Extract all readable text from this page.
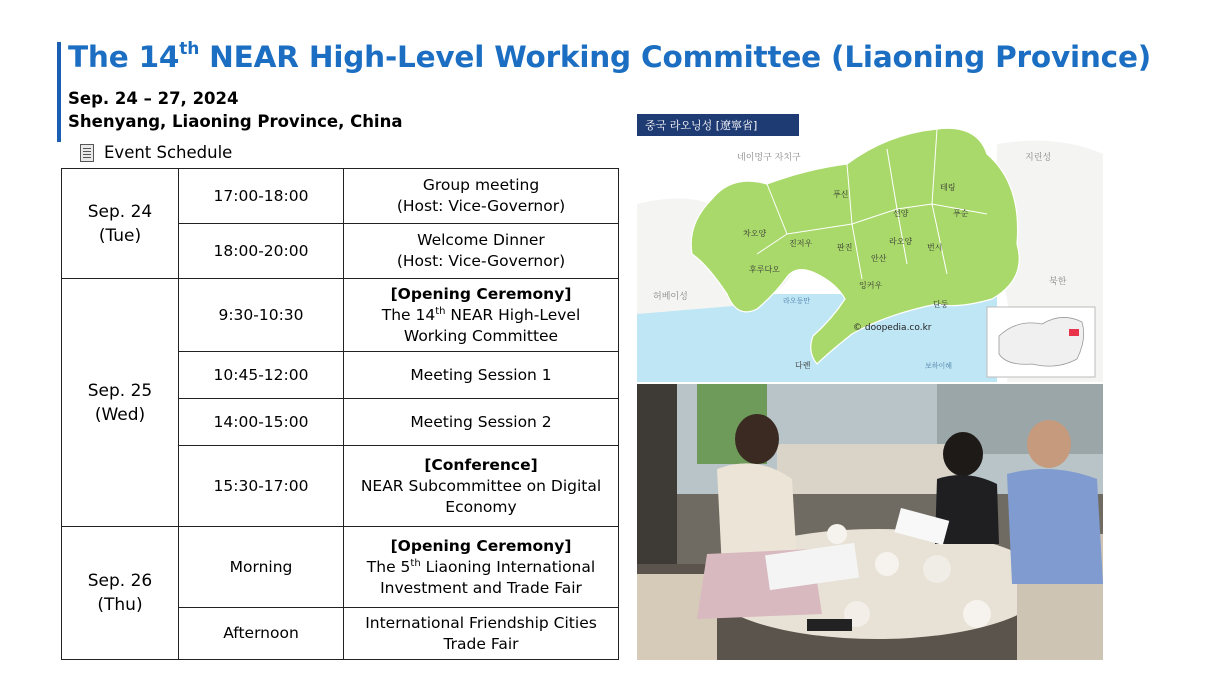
The 14th NEAR High-Level Working Committee (Liaoning Province)
Sep. 24 – 27, 2024
Shenyang, Liaoning Province, China
Event Schedule
Sep. 24
(Tue)	17:00-18:00	Group meeting
(Host: Vice-Governor)

	18:00-20:00	Welcome Dinner
(Host: Vice-Governor)

Sep. 25
(Wed)	9:30-10:30	[Opening Ceremony]
The 14th NEAR High-Level
Working Committee

	10:45-12:00	Meeting Session 1
	14:00-15:00	Meeting Session 2
	15:30-17:00	[Conference]
NEAR Subcommittee on Digital
Economy

Sep. 26
(Thu)	Morning	[Opening Ceremony]
The 5th Liaoning International
Investment and Trade Fair

	Afternoon	International Friendship Cities
Trade Fair
중국 라오닝성 [遼寧省]
네이멍구 자치구	지린성
허베이성
북한
라오둥만
보하이해
푸신
테링
선양	푸순
차오양
진저우	판진
라오양
번시
후루다오
안산
잉커우
단둥
다롄
© doopedia.co.kr
